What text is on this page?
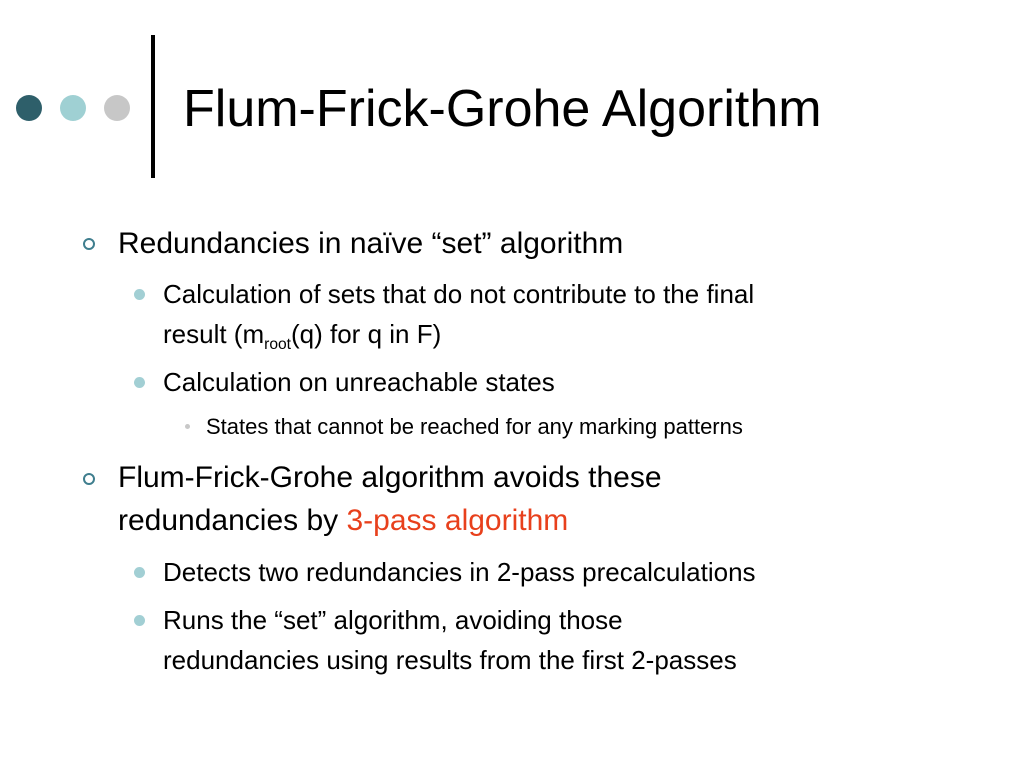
Flum-Frick-Grohe Algorithm

Redundancies in naïve “set” algorithm

Calculation of sets that do not contribute to the final
result ($m_{root}(q)$ for q in F)

Calculation on unreachable states

States that cannot be reached for any marking patterns

Flum-Frick-Grohe algorithm avoids these
redundancies by 3-pass algorithm

Detects two redundancies in 2-pass precalculations

Runs the “set” algorithm, avoiding those
redundancies using results from the first 2-passes
